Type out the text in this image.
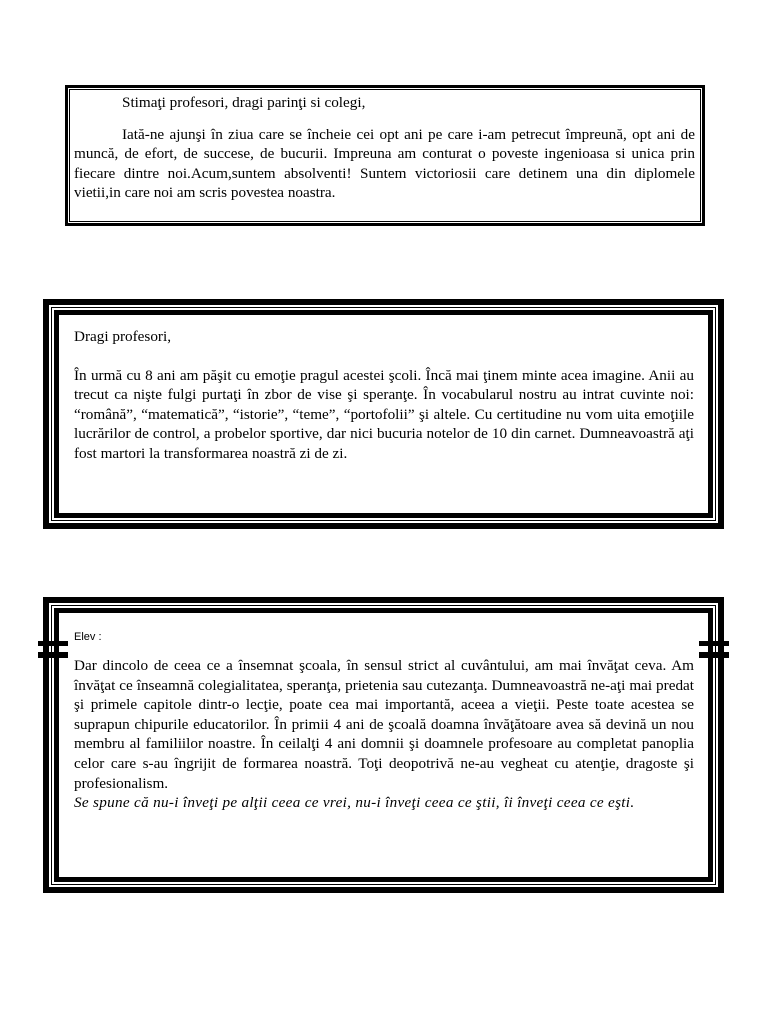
Stimaţi profesori, dragi parinţi si colegi,

Iată-ne ajunşi în ziua care se încheie cei opt ani pe care i-am petrecut împreună, opt ani de muncă, de efort, de succese, de bucurii. Impreuna am conturat o poveste ingenioasa si unica prin fiecare dintre noi.Acum,suntem absolventi! Suntem victoriosii care detinem una din diplomele vietii,in care noi am scris povestea noastra.

Dragi profesori,

În urmă cu 8 ani am păşit cu emoţie pragul acestei şcoli. Încă mai ţinem minte acea imagine. Anii au trecut ca nişte fulgi purtaţi în zbor de vise şi speranţe. În vocabularul nostru au intrat cuvinte noi: “română”, “matematică”, “istorie”, “teme”, “portofolii” şi altele. Cu certitudine nu vom uita emoţiile lucrărilor de control, a probelor sportive, dar nici bucuria notelor de 10 din carnet. Dumneavoastră aţi fost martori la transformarea noastră zi de zi.

Elev :

Dar dincolo de ceea ce a însemnat şcoala, în sensul strict al cuvântului, am mai învăţat ceva. Am învăţat ce înseamnă colegialitatea, speranţa, prietenia sau cutezanţa. Dumneavoastră ne-aţi mai predat şi primele capitole dintr-o lecţie, poate cea mai importantă, aceea a vieţii. Peste toate acestea se suprapun chipurile educatorilor. În primii 4 ani de şcoală doamna învăţătoare avea să devină un nou membru al familiilor noastre. În ceilalţi 4 ani domnii şi doamnele profesoare au completat panoplia celor care s-au îngrijit de formarea noastră. Toţi deopotrivă ne-au vegheat cu atenţie, dragoste şi profesionalism.

Se spune că nu-i înveţi pe alţii ceea ce vrei, nu-i înveţi ceea ce ştii, îi înveţi ceea ce eşti.
